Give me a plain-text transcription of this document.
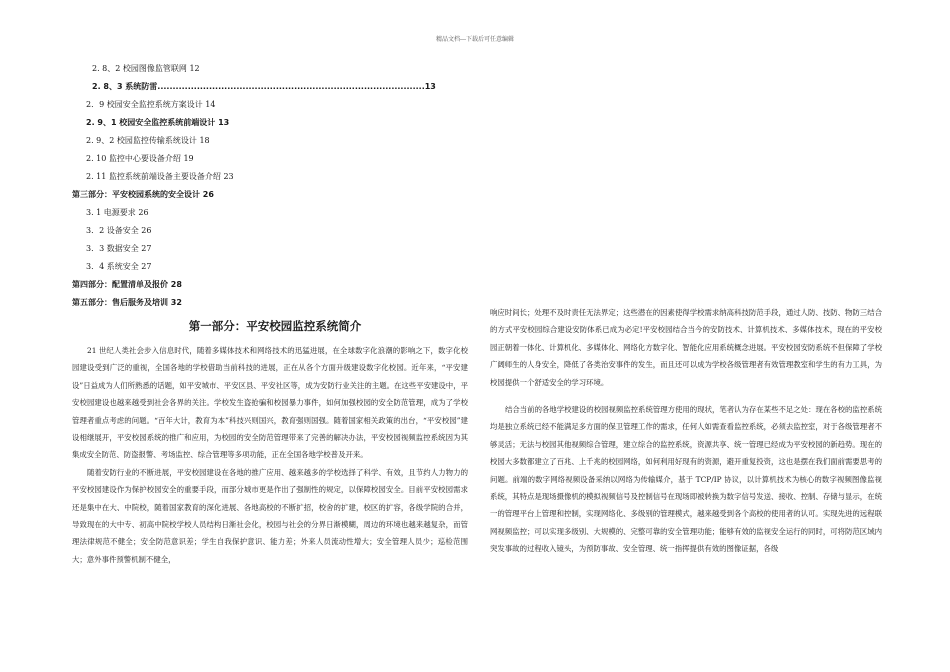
精品文档---下载后可任意编辑
2. 8、2 校园图像监管联网 12
2. 8、3 系统防雷........................................................................................13
2．9 校园安全监控系统方案设计 14
2. 9、1 校园安全监控系统前端设计 13
2. 9、2 校园监控传输系统设计 18
2. 10 监控中心要设备介绍 19
2. 11 监控系统前端设备主要设备介绍 23
第三部分：平安校园系统的安全设计 26
3. 1 电源要求 26
3．2 设备安全 26
3．3 数据安全 27
3．4 系统安全 27
第四部分：配置清单及报价 28
第五部分：售后服务及培训 32
第一部分：平安校园监控系统简介

21 世纪人类社会步入信息时代，随着多媒体技术和网络技术的迅猛进展，在全球数字化浪潮的影响之下，数字化校园建设受到广泛的重视，全国各地的学校借助当前科技的进展，正在从各个方面升级建设数字化校园。近年来，“平安建设”日益成为人们所熟悉的话题，如平安城市、平安区县、平安社区等，成为安防行业关注的主题。在这些平安建设中，平安校园建设也越来越受到社会各界的关注。学校发生盗抢骗和校园暴力事件，如何加强校园的安全防范管理，成为了学校管理者重点考虑的问题。“百年大计，教育为本”科技兴则国兴，教育强则国强。随着国家相关政策的出台，“平安校园”建设相继展开，平安校园系统的推广和应用，为校园的安全防范管理带来了完善的解决办法，平安校园视频监控系统因为其集成安全防范、防盗报警、考场监控、综合管理等多项功能，正在全国各地学校普及开来。

随着安防行业的不断进展，平安校园建设在各地的推广应用、越来越多的学校选择了科学、有效，且节约人力物力的平安校园建设作为保护校园安全的重要手段，而部分城市更是作出了强制性的规定，以保障校园安全。目前平安校园需求还是集中在大、中院校，随着国家教育的深化进展、各地高校的不断扩招，校舍的扩建，校区的扩容，各级学院的合并，导致现在的大中专、初高中院校学校人员结构日渐社会化，校园与社会的分界日渐模糊，周边的环境也越来越复杂，而管理法律规范不健全；安全防范意识差；学生自我保护意识、能力差；外来人员流动性增大；安全管理人员少；巡检范围大；意外事件预警机制不健全，

响应时间长；处理不及时责任无法界定；这些潜在的因素使得学校需求纳高科技防范手段，通过人防、技防、物防三结合的方式平安校园综合建设安防体系已成为必定!平安校园结合当今的安防技术、计算机技术、多媒体技术，现在的平安校园正朝着一体化、计算机化、多媒体化、网络化方数字化、智能化应用系统概念进展。平安校园安防系统不但保障了学校广阔师生的人身安全，降低了各类治安事件的发生，而且还可以成为学校各级管理者有效管理教室和学生的有力工具，为校园提供一个舒适安全的学习环境。

结合当前的各地学校建设的校园视频监控系统管理方使用的现状，笔者认为存在某些不足之处：现在各校的监控系统均是独立系统已经不能满足多方面的保卫管理工作的需求，任何人如需查看监控系统，必须去监控室，对于各级管理者不够灵活；无法与校园其他视频综合管理，建立综合的监控系统，资源共享、统一管理已经成为平安校园的新趋势。现在的校园大多数都建立了百兆、上千兆的校园网络，如何利用好现有的资源，避开重复投资，这也是摆在我们面前需要思考的问题。前端的数字网络视频设备采纳以网络为传输媒介，基于 TCP/IP 协议，以计算机技术为核心的数字视频图像监视系统，其特点是现场摄像机的模拟视频信号及控制信号在现场即被转换为数字信号发送、接收、控制、存储与显示，在统一的管理平台上管理和控制，实现网络化、多级别的管理模式，越来越受到各个高校的使用者的认可。实现先进的远程联网视频监控；可以实现多级别、大规模的、完整可靠的安全管理功能；能够有效的监视安全运行的同时，可将防范区域内突发事故的过程收入镜头，为预防事故、安全管理、统一指挥提供有效的图像证据，各级
